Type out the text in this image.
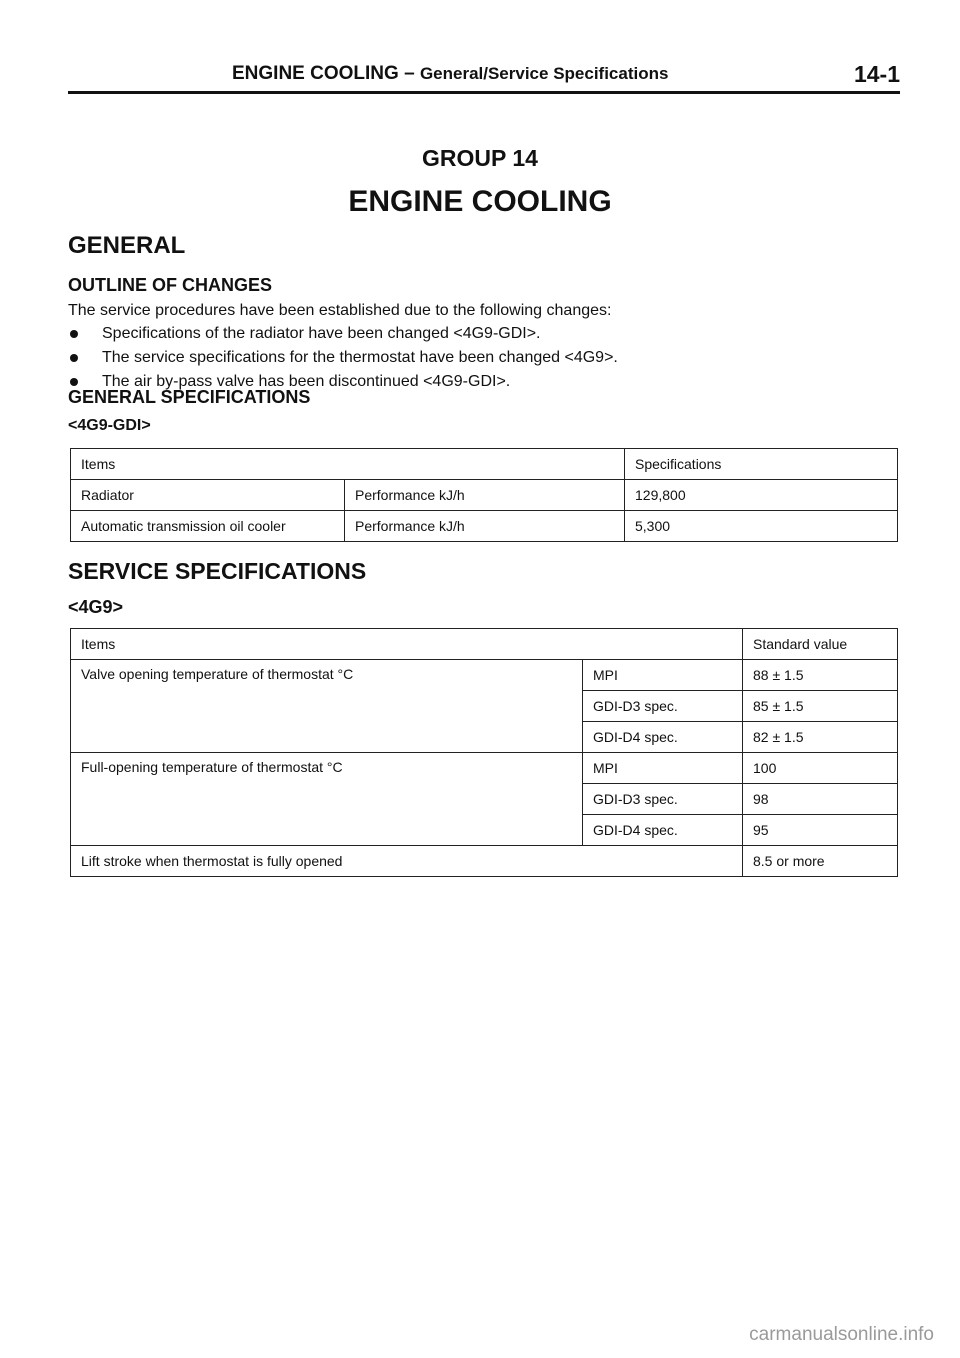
ENGINE COOLING – General/Service Specifications	14-1
GROUP 14
ENGINE COOLING
GENERAL
OUTLINE OF CHANGES
The service procedures have been established due to the following changes:
Specifications of the radiator have been changed <4G9-GDI>.
The service specifications for the thermostat have been changed <4G9>.
The air by-pass valve has been discontinued <4G9-GDI>.
GENERAL SPECIFICATIONS
<4G9-GDI>
Items		Specifications
Radiator	Performance kJ/h	129,800
Automatic transmission oil cooler	Performance kJ/h	5,300
SERVICE SPECIFICATIONS
<4G9>
Items		Standard value
Valve opening temperature of thermostat °C	MPI	88 ± 1.5
	GDI-D3 spec.	85 ± 1.5
	GDI-D4 spec.	82 ± 1.5
Full-opening temperature of thermostat °C	MPI	100
	GDI-D3 spec.	98
	GDI-D4 spec.	95
Lift stroke when thermostat is fully opened		8.5 or more
carmanualsonline.info
